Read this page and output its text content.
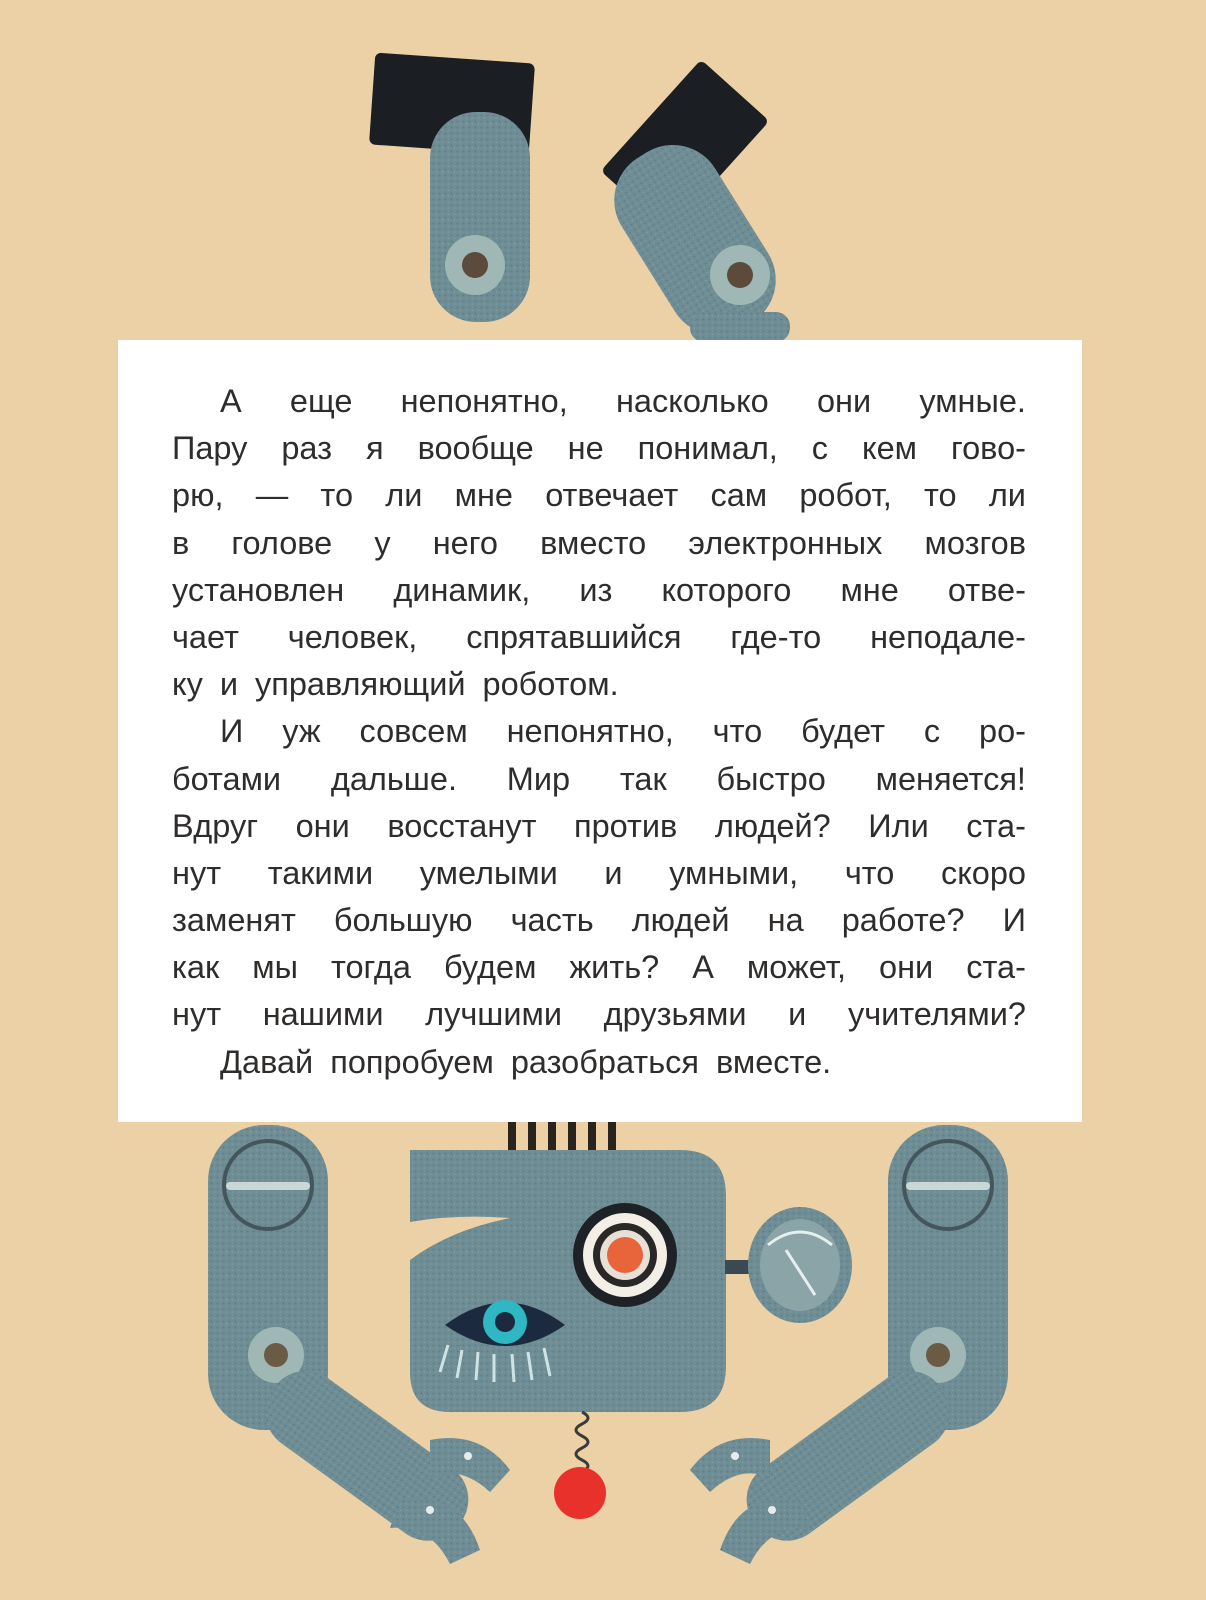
А еще непонятно, насколько они умные.
Пару раз я вообще не понимал, с кем гово-
рю, — то ли мне отвечает сам робот, то ли
в голове у него вместо электронных мозгов
установлен динамик, из которого мне отве-
чает человек, спрятавшийся где-то неподале-
ку и управляющий роботом.
И уж совсем непонятно, что будет с ро-
ботами дальше. Мир так быстро меняется!
Вдруг они восстанут против людей? Или ста-
нут такими умелыми и умными, что скоро
заменят большую часть людей на работе? И
как мы тогда будем жить? А может, они ста-
нут нашими лучшими друзьями и учителями?
Давай попробуем разобраться вместе.
